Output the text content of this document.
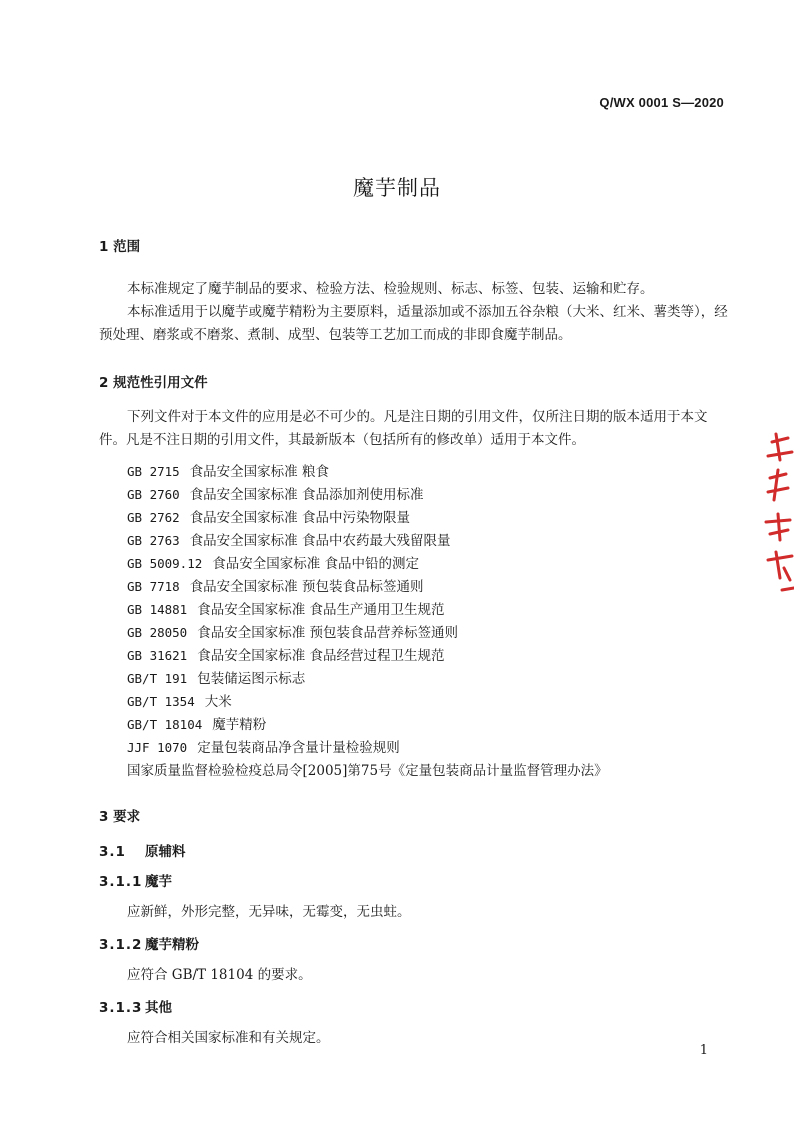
Q/WX 0001 S—2020
魔芋制品
1 范围
本标准规定了魔芋制品的要求、检验方法、检验规则、标志、标签、包装、运输和贮存。
本标准适用于以魔芋或魔芋精粉为主要原料，适量添加或不添加五谷杂粮（大米、红米、薯类等），经预处理、磨浆或不磨浆、煮制、成型、包装等工艺加工而成的非即食魔芋制品。
2 规范性引用文件
下列文件对于本文件的应用是必不可少的。凡是注日期的引用文件，仅所注日期的版本适用于本文件。凡是不注日期的引用文件，其最新版本（包括所有的修改单）适用于本文件。
GB 2715 食品安全国家标准 粮食
GB 2760 食品安全国家标准 食品添加剂使用标准
GB 2762 食品安全国家标准 食品中污染物限量
GB 2763 食品安全国家标准 食品中农药最大残留限量
GB 5009.12 食品安全国家标准 食品中铅的测定
GB 7718 食品安全国家标准 预包装食品标签通则
GB 14881 食品安全国家标准 食品生产通用卫生规范
GB 28050 食品安全国家标准 预包装食品营养标签通则
GB 31621 食品安全国家标准 食品经营过程卫生规范
GB/T 191 包装储运图示标志
GB/T 1354 大米
GB/T 18104 魔芋精粉
JJF 1070 定量包装商品净含量计量检验规则
国家质量监督检验检疫总局令[2005]第75号《定量包装商品计量监督管理办法》
3 要求
3.1 原辅料
3.1.1 魔芋
应新鲜，外形完整，无异味，无霉变，无虫蛀。
3.1.2 魔芋精粉
应符合 GB/T 18104 的要求。
3.1.3 其他
应符合相关国家标准和有关规定。
1
